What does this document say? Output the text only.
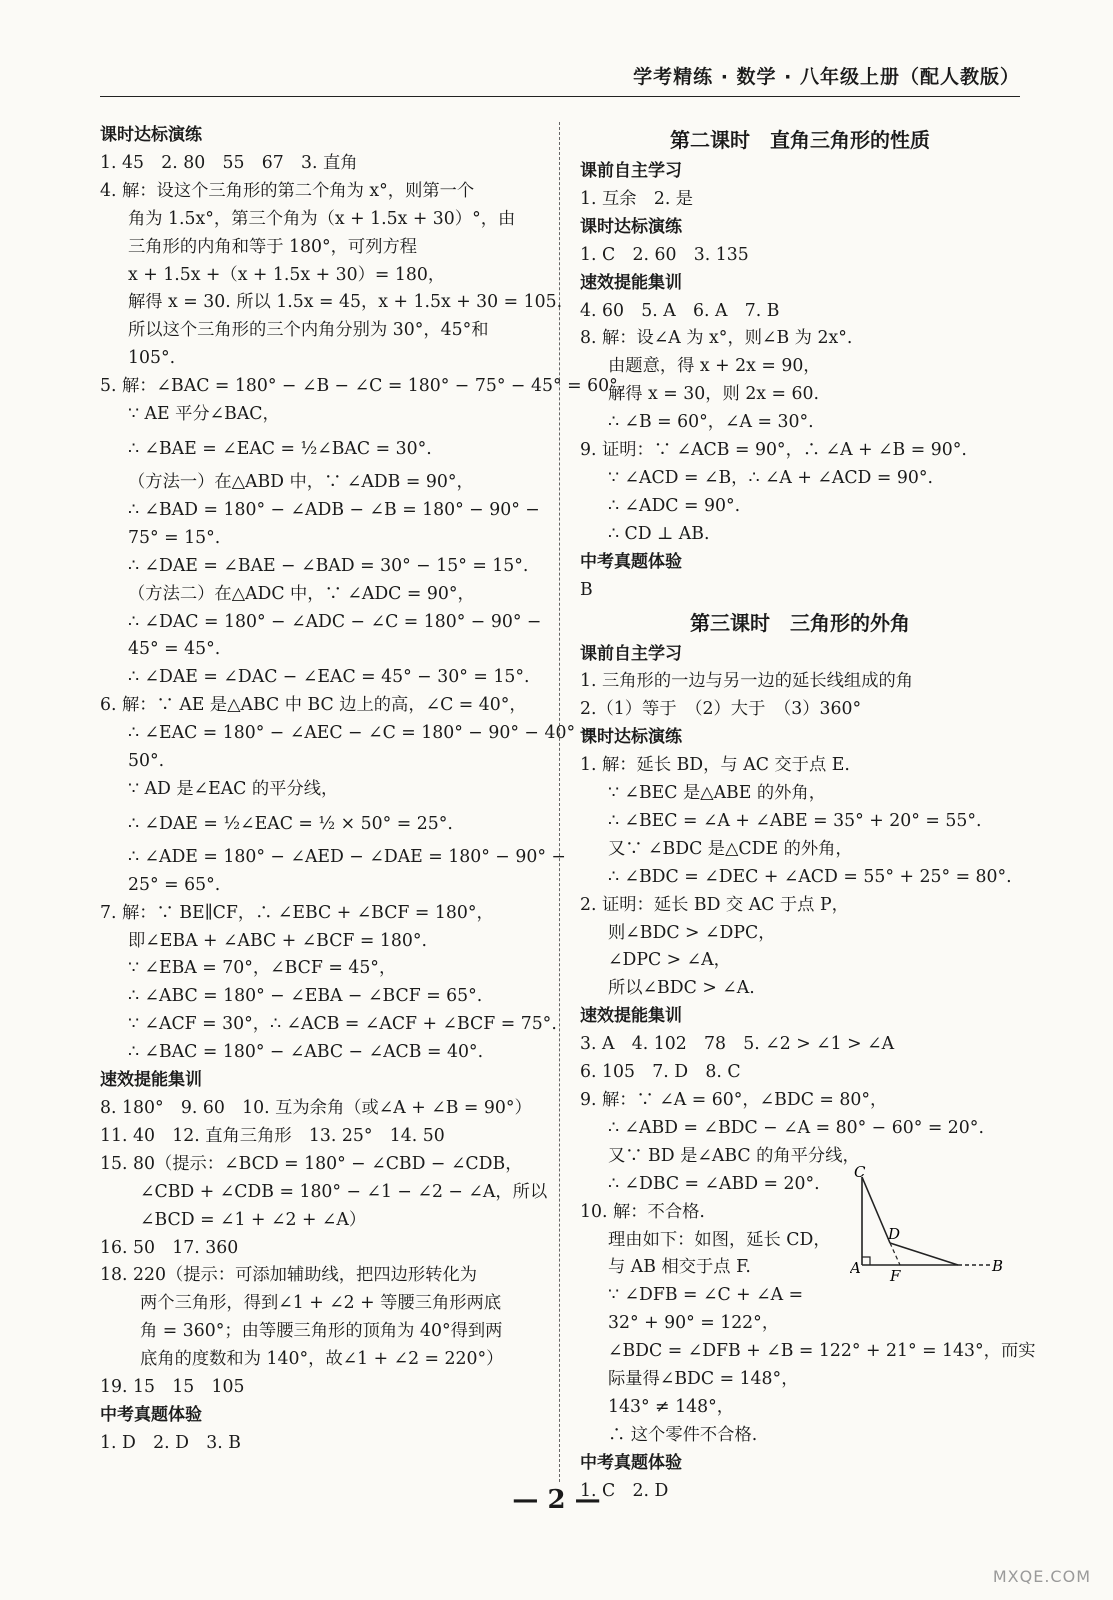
学考精练 · 数学 · 八年级上册（配人教版）
课时达标演练
1. 45　2. 80　55　67　3. 直角
4. 解：设这个三角形的第二个角为 x°，则第一个
角为 1.5x°，第三个角为（x + 1.5x + 30）°，由
三角形的内角和等于 180°，可列方程
x + 1.5x +（x + 1.5x + 30）= 180，
解得 x = 30. 所以 1.5x = 45，x + 1.5x + 30 = 105.
所以这个三角形的三个内角分别为 30°，45°和
105°.
5. 解：∠BAC = 180° − ∠B − ∠C = 180° − 75° − 45° = 60°.
∵ AE 平分∠BAC，
∴ ∠BAE = ∠EAC = ½∠BAC = 30°.
（方法一）在△ABD 中，∵ ∠ADB = 90°，
∴ ∠BAD = 180° − ∠ADB − ∠B = 180° − 90° −
75° = 15°.
∴ ∠DAE = ∠BAE − ∠BAD = 30° − 15° = 15°.
（方法二）在△ADC 中，∵ ∠ADC = 90°，
∴ ∠DAC = 180° − ∠ADC − ∠C = 180° − 90° −
45° = 45°.
∴ ∠DAE = ∠DAC − ∠EAC = 45° − 30° = 15°.
6. 解：∵ AE 是△ABC 中 BC 边上的高，∠C = 40°，
∴ ∠EAC = 180° − ∠AEC − ∠C = 180° − 90° − 40° =
50°.
∵ AD 是∠EAC 的平分线，
∴ ∠DAE = ½∠EAC = ½ × 50° = 25°.
∴ ∠ADE = 180° − ∠AED − ∠DAE = 180° − 90° −
25° = 65°.
7. 解：∵ BE∥CF，∴ ∠EBC + ∠BCF = 180°，
即∠EBA + ∠ABC + ∠BCF = 180°.
∵ ∠EBA = 70°，∠BCF = 45°，
∴ ∠ABC = 180° − ∠EBA − ∠BCF = 65°.
∵ ∠ACF = 30°，∴ ∠ACB = ∠ACF + ∠BCF = 75°.
∴ ∠BAC = 180° − ∠ABC − ∠ACB = 40°.
速效提能集训
8. 180°　9. 60　10. 互为余角（或∠A + ∠B = 90°）
11. 40　12. 直角三角形　13. 25°　14. 50
15. 80（提示：∠BCD = 180° − ∠CBD − ∠CDB，
∠CBD + ∠CDB = 180° − ∠1 − ∠2 − ∠A，所以
∠BCD = ∠1 + ∠2 + ∠A）
16. 50　17. 360
18. 220（提示：可添加辅助线，把四边形转化为
两个三角形，得到∠1 + ∠2 + 等腰三角形两底
角 = 360°；由等腰三角形的顶角为 40°得到两
底角的度数和为 140°，故∠1 + ∠2 = 220°）
19. 15　15　105
中考真题体验
1. D　2. D　3. B
第二课时　直角三角形的性质
课前自主学习
1. 互余　2. 是
课时达标演练
1. C　2. 60　3. 135
速效提能集训
4. 60　5. A　6. A　7. B
8. 解：设∠A 为 x°，则∠B 为 2x°.
由题意，得 x + 2x = 90，
解得 x = 30，则 2x = 60.
∴ ∠B = 60°，∠A = 30°.
9. 证明：∵ ∠ACB = 90°，∴ ∠A + ∠B = 90°.
∵ ∠ACD = ∠B，∴ ∠A + ∠ACD = 90°.
∴ ∠ADC = 90°.
∴ CD ⊥ AB.
中考真题体验
B
第三课时　三角形的外角
课前自主学习
1. 三角形的一边与另一边的延长线组成的角
2.（1）等于　（2）大于　（3）360°
课时达标演练
1. 解：延长 BD，与 AC 交于点 E.
∵ ∠BEC 是△ABE 的外角，
∴ ∠BEC = ∠A + ∠ABE = 35° + 20° = 55°.
又∵ ∠BDC 是△CDE 的外角，
∴ ∠BDC = ∠DEC + ∠ACD = 55° + 25° = 80°.
2. 证明：延长 BD 交 AC 于点 P，
则∠BDC > ∠DPC，
∠DPC > ∠A，
所以∠BDC > ∠A.
速效提能集训
3. A　4. 102　78　5. ∠2 > ∠1 > ∠A
6. 105　7. D　8. C
9. 解：∵ ∠A = 60°，∠BDC = 80°，
∴ ∠ABD = ∠BDC − ∠A = 80° − 60° = 20°.
又∵ BD 是∠ABC 的角平分线，
∴ ∠DBC = ∠ABD = 20°.
10. 解：不合格.
理由如下：如图，延长 CD，
与 AB 相交于点 F.
∵ ∠DFB = ∠C + ∠A =
32° + 90° = 122°，
∠BDC = ∠DFB + ∠B = 122° + 21° = 143°，而实
际量得∠BDC = 148°，
143° ≠ 148°，
∴ 这个零件不合格.
中考真题体验
1. C　2. D
C
D
A F
B
— 2 —
MXQE.COM
